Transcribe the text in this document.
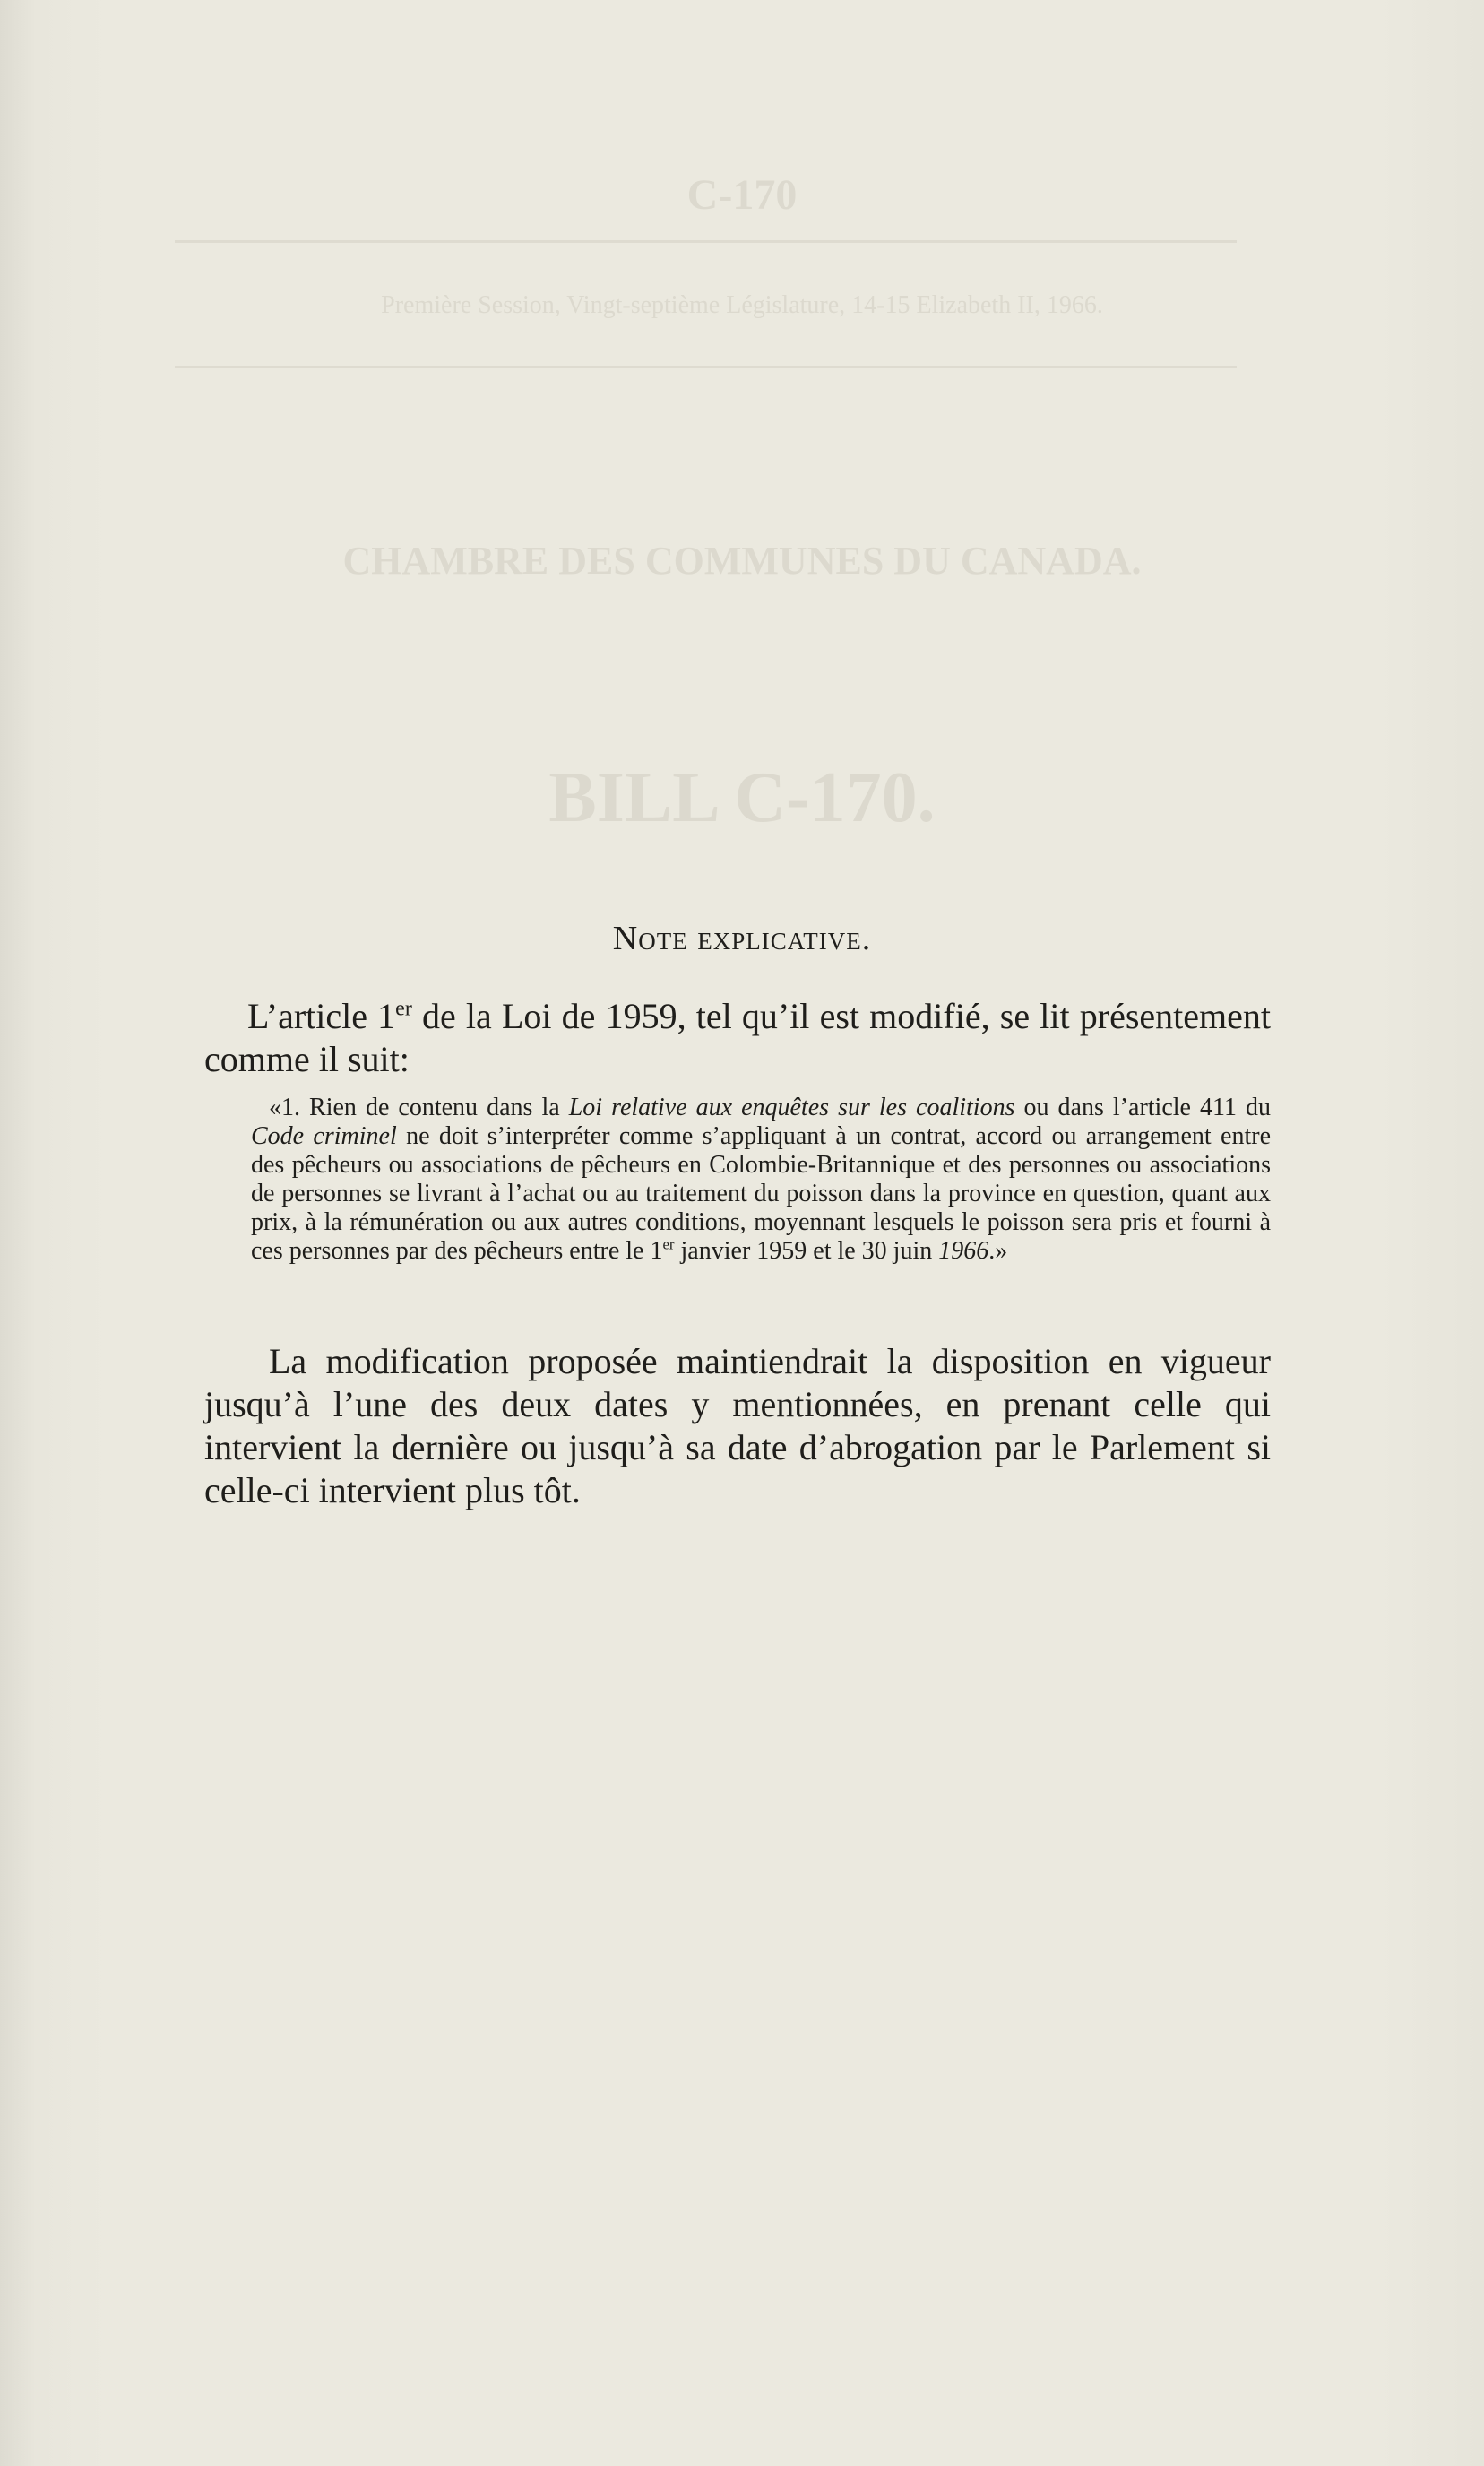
C-170
Première Session, Vingt-septième Législature, 14-15 Elizabeth II, 1966.
CHAMBRE DES COMMUNES DU CANADA.
BILL C-170.
Note explicative.

L’article 1er de la Loi de 1959, tel qu’il est modifié, se lit présentement comme il suit:

«1. Rien de contenu dans la Loi relative aux enquêtes sur les coalitions ou dans l’article 411 du Code criminel ne doit s’interpréter comme s’appliquant à un contrat, accord ou arrangement entre des pêcheurs ou associations de pêcheurs en Colombie-Britannique et des personnes ou associations de personnes se livrant à l’achat ou au traitement du poisson dans la province en question, quant aux prix, à la rémunération ou aux autres conditions, moyennant lesquels le poisson sera pris et fourni à ces personnes par des pêcheurs entre le 1er janvier 1959 et le 30 juin 1966.»

La modification proposée maintiendrait la disposition en vigueur jusqu’à l’une des deux dates y mentionnées, en prenant celle qui intervient la dernière ou jusqu’à sa date d’abrogation par le Parlement si celle-ci intervient plus tôt.
